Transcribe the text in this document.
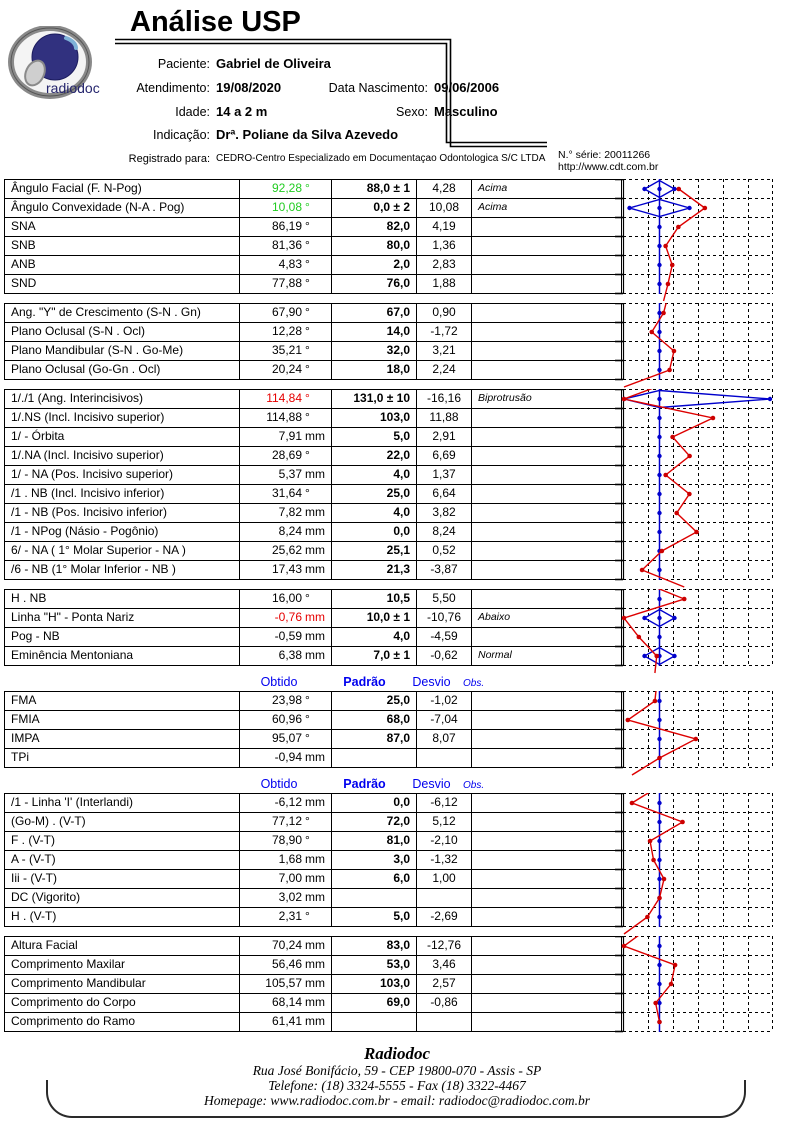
radiodoc
Análise USP
Paciente: Gabriel de Oliveira
Atendimento: 19/08/2020	Data Nascimento: 09/06/2006
Idade: 14 a 2 m	Sexo: Masculino
Indicação: Drª. Poliane da Silva Azevedo
Registrado para: CEDRO-Centro Especializado em Documentaçao Odontologica S/C LTDA N.° série: 20011266
http://www.cdt.com.br
Ângulo Facial (F. N-Pog)	92,28 °	88,0 ± 1	4,28	Acima
Ângulo Convexidade (N-A . Pog)	10,08 °	0,0 ± 2	10,08	Acima
SNA	86,19 °	82,0	4,19
SNB	81,36 °	80,0	1,36
ANB	4,83 °	2,0	2,83
SND	77,88 °	76,0	1,88
Ang. "Y" de Crescimento (S-N . Gn)	67,90 °	67,0	0,90
Plano Oclusal (S-N . Ocl)	12,28 °	14,0	-1,72
Plano Mandibular (S-N . Go-Me)	35,21 °	32,0	3,21
Plano Oclusal (Go-Gn . Ocl)	20,24 °	18,0	2,24
1/./1 (Ang. Interincisivos)	114,84 °	131,0 ± 10	-16,16	Biprotrusão
1/.NS (Incl. Incisivo superior)	114,88 °	103,0	11,88
1/ - Órbita	7,91 mm	5,0	2,91
1/.NA (Incl. Incisivo superior)	28,69 °	22,0	6,69
1/ - NA (Pos. Incisivo superior)	5,37 mm	4,0	1,37
/1 . NB (Incl. Incisivo inferior)	31,64 °	25,0	6,64
/1 - NB (Pos. Incisivo inferior)	7,82 mm	4,0	3,82
/1 - NPog (Násio - Pogônio)	8,24 mm	0,0	8,24
6/ - NA ( 1° Molar Superior - NA )	25,62 mm	25,1	0,52
/6 - NB (1° Molar Inferior - NB )	17,43 mm	21,3	-3,87
H . NB	16,00 °	10,5	5,50
Linha "H" - Ponta Nariz	-0,76 mm	10,0 ± 1	-10,76	Abaixo
Pog - NB	-0,59 mm	4,0	-4,59
Eminência Mentoniana	6,38 mm	7,0 ± 1	-0,62	Normal
Obtido	Padrão	Desvio	Obs.
FMA	23,98 °	25,0	-1,02
FMIA	60,96 °	68,0	-7,04
IMPA	95,07 °	87,0	8,07
TPi	-0,94 mm
Obtido	Padrão	Desvio	Obs.
/1 - Linha 'I' (Interlandi)	-6,12 mm	0,0	-6,12
(Go-M) . (V-T)	77,12 °	72,0	5,12
F . (V-T)	78,90 °	81,0	-2,10
A - (V-T)	1,68 mm	3,0	-1,32
Iii - (V-T)	7,00 mm	6,0	1,00
DC (Vigorito)	3,02 mm
H . (V-T)	2,31 °	5,0	-2,69
Altura Facial	70,24 mm	83,0	-12,76
Comprimento Maxilar	56,46 mm	53,0	3,46
Comprimento Mandibular	105,57 mm	103,0	2,57
Comprimento do Corpo	68,14 mm	69,0	-0,86
Comprimento do Ramo	61,41 mm
Radiodoc
Rua José Bonifácio, 59 - CEP 19800-070 - Assis - SP
Telefone: (18) 3324-5555 - Fax (18) 3322-4467
Homepage: www.radiodoc.com.br - email: radiodoc@radiodoc.com.br
